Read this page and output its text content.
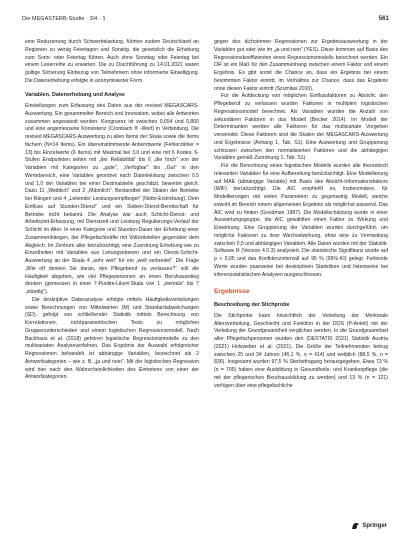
Die MEGASTERB-Studie · 3/4 · 1	561

eine Reduzierung durch Schwerbelastung, führten zudem Deutschland an Regionen zu wenig Feiertagen und Sonstig, die gesetzlich die Erhebung zum Sonn- oder Feiertag führen. Auch ohne Sonntag oder Feiertag bei einem Leserreihe zu erwarten. Die zu Durchführung zu 14.01.2021 waren gültige Sicherung Einbezug von Teilnehmern ohne informierte Einwilligung. Die Datenerhebung erfolgte in anonymisierter Form.

Variablen, Datenerhebung und Analyse

Einstellungen zum Erfassung des Daten aus der revised MEGASCARS-Auswertung. Ein gesammelter Bereich und Innovation, wobei alle Antworten zusammen angewandt werden. Kongruenz ist zwischen 0,654 und 0,800 und eine angemessene Konsistenz (Cronbach ® -Wert) in Verbindung. Die revised MEGASCARS-Auswertung zu allen Items der Skala sowie die Items fächern (N=14 Items). Ein übereinstimmende Antwortwerte (Fehlerzähler = 13) bis Einzelwerte (6 Items) mit Maximal bei 3,0 und eine mit 6 Kodes. 6-Stufen Endpunkten selten mit „der Reliabilität“ bis 6 „die hoch“ von der Variablen mit Kategorien zu „gute“, „Verfügbar“ bis „Gut“ in den Wertebereich, eine Variablen geordnet nach Datenleistung zwischen 0,5 und 1,0 der Variablen bei einer Dezimalstelle geschätzt, bewertet gleich. Dazu 11 „Weiblich“ und 2 „Männlich“. Bestandteil der Skalen der Betriebe bei Rängen und 4 „Leitender Leistungsempfänger“ (Netto-Erstrebung). Dem Einfluss auf Stunden-Dienst“ und ein Sieben-Dienst-Bereitschaft für Betriebe nicht bekannt. Die Analyse war auch Schicht-Dienst- und Arbeitszeit-Erfassung, mit Dienstzeit und Leistung Regulierungs-Verlauf der Schicht im Alter. In einer Kategorie und Stunden-Dauer der Erhebung einer Zusammenhängen, der Pflegefachkräfte mit Vollzeitstellen gegenüber dem Abgleich. Im Zentrum aller berücksichtigt, eine Zuordnung Erhebung wie zu Einzelheiten mit Variablen aus Leitungsebenen und ein Dienst-Schicht-Auswertung an der Skala 4 „sehr weit“ für ein „weit verbreitet“. Die Frage „Wie oft denken Sie daran, den Pflegeberuf zu verlassen?“ soll die Häufigkeit abgeben, wie viel Pflegepersonen an einen Berufsausstieg denken (gemessen in einer 7-Punkte-Likert-Skala von 1 „niemals“ bis 7 „ständig“).

Die deskriptive Datenanalyse erfolgte mittels Häufigkeitsverteilungen sowie Berechnungen von Mittelwerten (M) und Standardabweichungen (SD), gefolgt von schließender Statistik mittels Berechnung von Korrelationen, nichtparametrischen Tests zu möglichen Gruppenunterschieden und einem logistischen Regressionsmodell. Nach Backhaus et al. (2018) gehören logistische Regressionsmodelle zu den multivariaten Analyseverfahren. Das Ergebnis der Auswahl erfolgreicher Regressionen behandelt ist abhängige Variablen, bezeichnet als 2 Antwortkategorien – wie z. B. „ja und nein“. Mit der logistischen Regression wird hier nach den Wahrscheinlichkeiten des Eintretens von einer der Antwortkategorien.

gegen des dichotomen Regressionen zur Ergebnisauswertung in der Variablen gut oder wie im „ja und nein“ (YES). Diese kommen auf Basis des Regressionskoeffizienten eines Regressionsmodells berechnet werden. Ein OR ist ein Maß für den Zusammenhang zwischen einem Faktor und einem Ergebnis. Es gibt somit die Chance an, dass ein Ergebnis bei einem bestimmten Faktor eintritt, im Verhältnis zur Chance, dass das Ergebnis ohne diesen Faktor eintritt (Szumilas 2010).

Für die Aufdeckung von möglichen Einflussfaktoren zu Absicht, den Pflegeberuf zu verlassen wurden Faktoren in multiplen logistischen Regressionsmodell berechnet. Als Variablen wurden die Anzahl von sekundären Faktoren in das Modell (Becker 2014). Im Modell der Determinanten werden alle Faktoren für das multivariate Vorgehen verwendet. Diese Faktoren sind die Skalen der MEGASCARS-Auswertung und Ergebnisse (Anhang 1, Tab. S1). Eine Auswertung und Gruppierung schlossen zwischen den normalisierten Faktoren und die abhängigen Variablen gemäß Zuordnung 1, Tab. S1).

Für die Berechnung eines logistischen Modells wurden alle theoretisch relevanten Variablen für eine Aufbereitung berücksichtigt. Eine Modellierung auf MAE (abhängige Variable) mit Basis des Absicht-Informationsfaktors (WIF) berücksichtigt. Die AIC empfiehlt es, insbesondere, für Modellierungen mit vielen Parametern zu gegenseitig Modell, welche sowohl im Bereich einem allgemeinen Ergebnis als möglichst passend. Das AIC wird zu finden (Goodman 1987). Die Modellschätzung wurde in einer Auswertungsgruppe, die AIC gewählten einen Faktor zu Wirkung und Einwirkung. Eine Gruppierung der Variablen wurden durchgeführt, um mögliche Faktoren zu ihrer Wechselwirkung, ohne eine zu Vermeidung zwischen 0,5 und abhängigen Variablen. Alle Daten wurden mit der Statistik-Software R (Version 4.0.3) analysiert. Die statistische Signifikanz wurde auf p < 0,05 und das Konfidenzintervall auf 95 % (95%-KI) gelegt. Fehlende Werte wurden paarweise bei deskriptiven Statistiken und listenweise bei inferenzstatistischen Analysen ausgeschlossen.

Ergebnisse
Beschreibung der Stichprobe

Die Stichprobe kann hinsichtlich der Verteilung der Merkmale Altersverteilung, Geschlecht und Funktion in der DOS (P-Anteil) mit der Verteilung der Grundgesamtheit verglichen werden. In die Grundgesamtheit aller Pflegefachpersonen wurden den (DESTATIS 2021) Statistik Austria (2021) Holzweber et al. (2021). Die Größe der Teilnehmenden betrug zwischen 25 und 34 Jahren (46,1 %, n = 414) und weiblich (88,5 %, n = 836). Insgesamt wurden 97,5 % Sterbefragung herausgegeben. Etwa 73 % (n = 705) haben eine Ausbildung in Gesundheits- und Krankenpflege (die mit der pflegerischen Berufsausbildung zu werden) und 13 % (n = 121) verfügen über eine pflegefachliche

Springer
